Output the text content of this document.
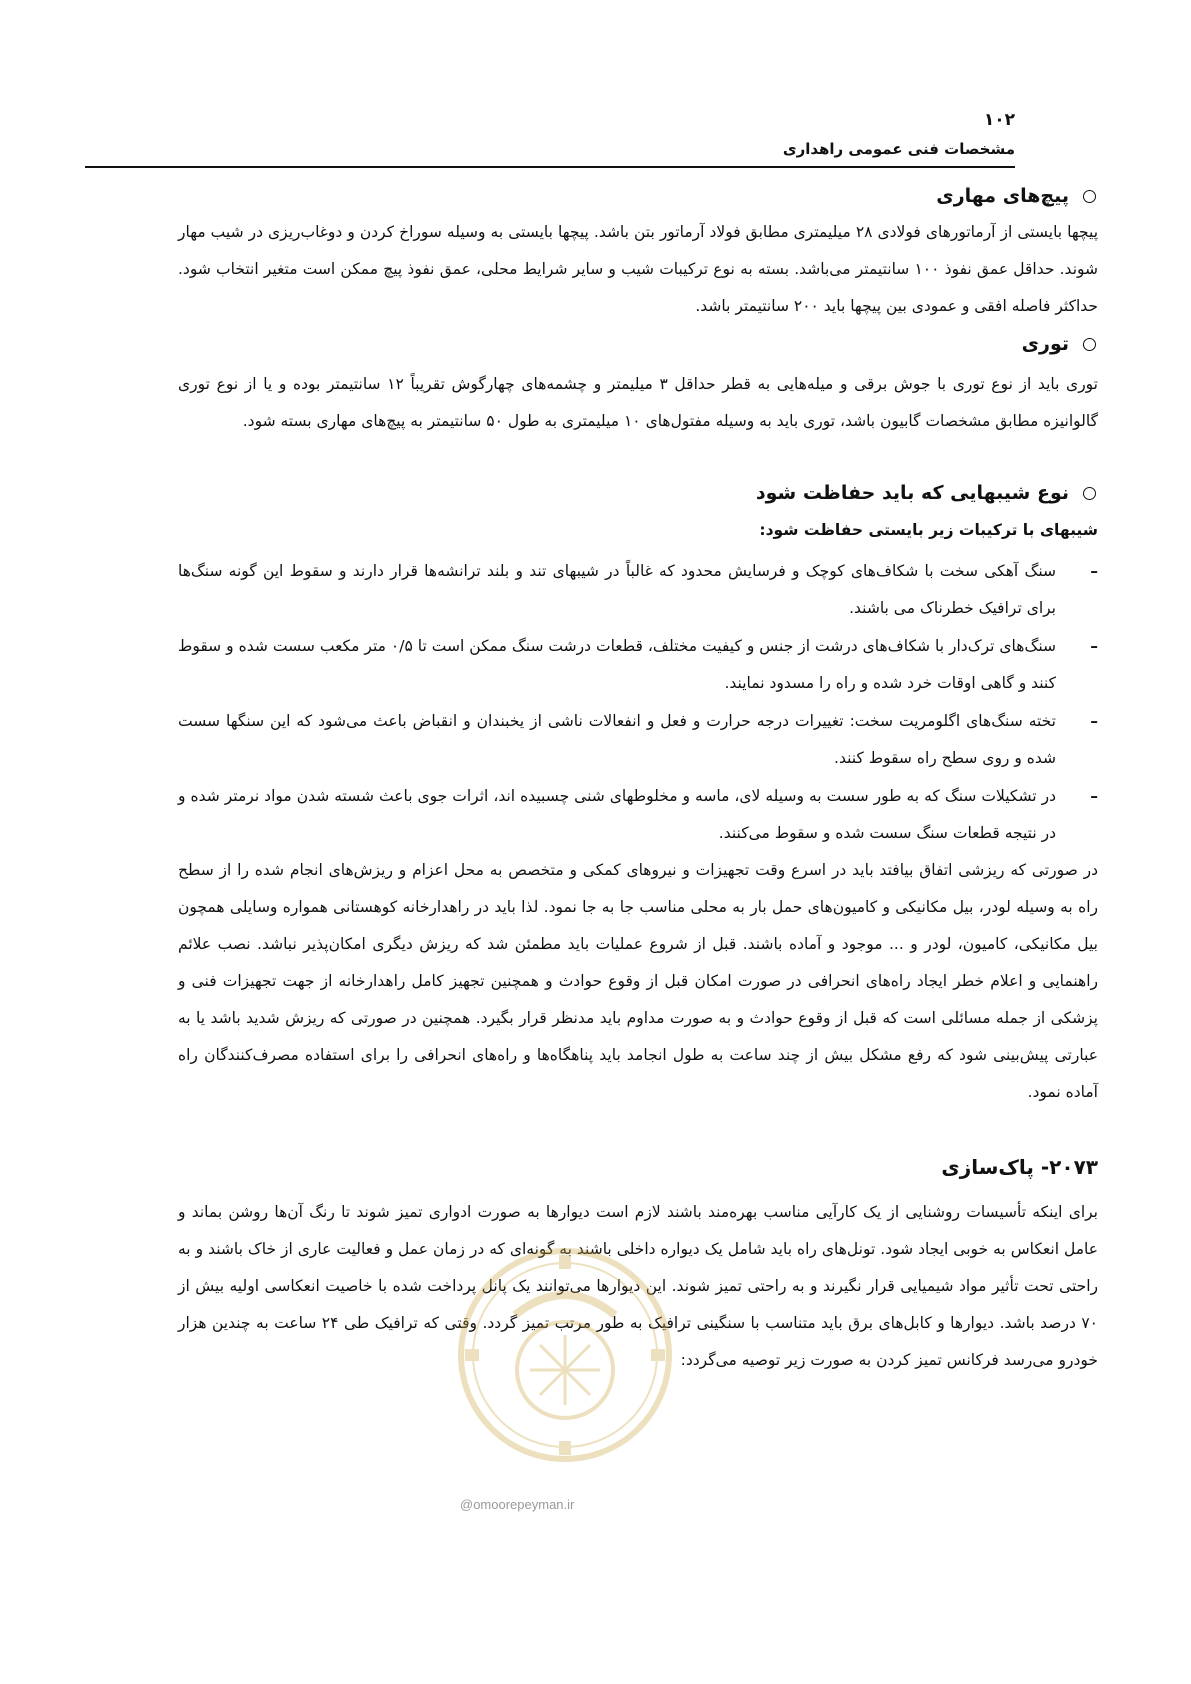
۱۰۲
مشخصات فنی عمومی راهداری
پیچ‌های مهاری
پیچها بایستی از آرماتورهای فولادی ۲۸ میلیمتری مطابق فولاد آرماتور بتن باشد. پیچها بایستی به وسیله سوراخ کردن و دوغاب‌ریزی در شیب مهار شوند. حداقل عمق نفوذ ۱۰۰ سانتیمتر می‌باشد. بسته به نوع ترکیبات شیب و سایر شرایط محلی، عمق نفوذ پیچ ممکن است متغیر انتخاب شود. حداکثر فاصله افقی و عمودی بین پیچها باید ۲۰۰ سانتیمتر باشد.
توری
توری باید از نوع توری با جوش برقی و میله‌هایی به قطر حداقل ۳ میلیمتر و چشمه‌های چهارگوش تقریباً ۱۲ سانتیمتر بوده و یا از نوع توری گالوانیزه مطابق مشخصات گابیون باشد، توری باید به وسیله مفتول‌های ۱۰ میلیمتری به طول ۵۰ سانتیمتر به پیچ‌های مهاری بسته شود.
نوع شیبهایی که باید حفاظت شود
شیبهای با ترکیبات زیر بایستی حفاظت شود:
–
سنگ آهکی سخت با شکاف‌های کوچک و فرسایش محدود که غالباً در شیبهای تند و بلند ترانشه‌ها قرار دارند و سقوط این گونه سنگ‌ها برای ترافیک خطرناک می باشند.
–
سنگ‌های ترک‌دار با شکاف‌های درشت از جنس و کیفیت مختلف، قطعات درشت سنگ ممکن است تا ۰/۵ متر مکعب سست شده و سقوط کنند و گاهی اوقات خرد شده و راه را مسدود نمایند.
–
تخته سنگ‌های اگلومریت سخت: تغییرات درجه حرارت و فعل و انفعالات ناشی از یخبندان و انقباض باعث می‌شود که این سنگها سست شده و روی سطح راه سقوط کنند.
–
در تشکیلات سنگ که به طور سست به وسیله لای، ماسه و مخلوطهای شنی چسبیده اند، اثرات جوی باعث شسته شدن مواد نرمتر شده و در نتیجه قطعات سنگ سست شده و سقوط می‌کنند.
در صورتی که ریزشی اتفاق بیافتد باید در اسرع وقت تجهیزات و نیروهای کمکی و متخصص به محل اعزام و ریزش‌های انجام شده را از سطح راه به وسیله لودر، بیل مکانیکی و کامیون‌های حمل بار به محلی مناسب جا به جا نمود. لذا باید در راهدارخانه کوهستانی همواره وسایلی همچون بیل مکانیکی، کامیون، لودر و ... موجود و آماده باشند. قبل از شروع عملیات باید مطمئن شد که ریزش دیگری امکان‌پذیر نباشد. نصب علائم راهنمایی و اعلام خطر ایجاد راه‌های انحرافی در صورت امکان قبل از وقوع حوادث و همچنین تجهیز کامل راهدارخانه از جهت تجهیزات فنی و پزشکی از جمله مسائلی است که قبل از وقوع حوادث و به صورت مداوم باید مدنظر قرار بگیرد. همچنین در صورتی که ریزش شدید باشد یا به عبارتی پیش‌بینی شود که رفع مشکل بیش از چند ساعت به طول انجامد باید پناهگاه‌ها و راه‌های انحرافی را برای استفاده مصرف‌کنندگان راه آماده نمود.
۲۰۷۳- پاک‌سازی
برای اینکه تأسیسات روشنایی از یک کارآیی مناسب بهره‌مند باشند لازم است دیوارها به صورت ادواری تمیز شوند تا رنگ آن‌ها روشن بماند و عامل انعکاس به خوبی ایجاد شود. تونل‌های راه باید شامل یک دیواره داخلی باشند به گونه‌ای که در زمان عمل و فعالیت عاری از خاک باشند و به راحتی تحت تأثیر مواد شیمیایی قرار نگیرند و به راحتی تمیز شوند. این دیوارها می‌توانند یک پانل پرداخت شده با خاصیت انعکاسی اولیه بیش از ۷۰ درصد باشد. دیوارها و کابل‌های برق باید متناسب با سنگینی ترافیک به طور مرتب تمیز گردد. وقتی که ترافیک طی ۲۴ ساعت به چندین هزار خودرو می‌رسد فرکانس تمیز کردن به صورت زیر توصیه می‌گردد:
@omoorepeyman.ir
